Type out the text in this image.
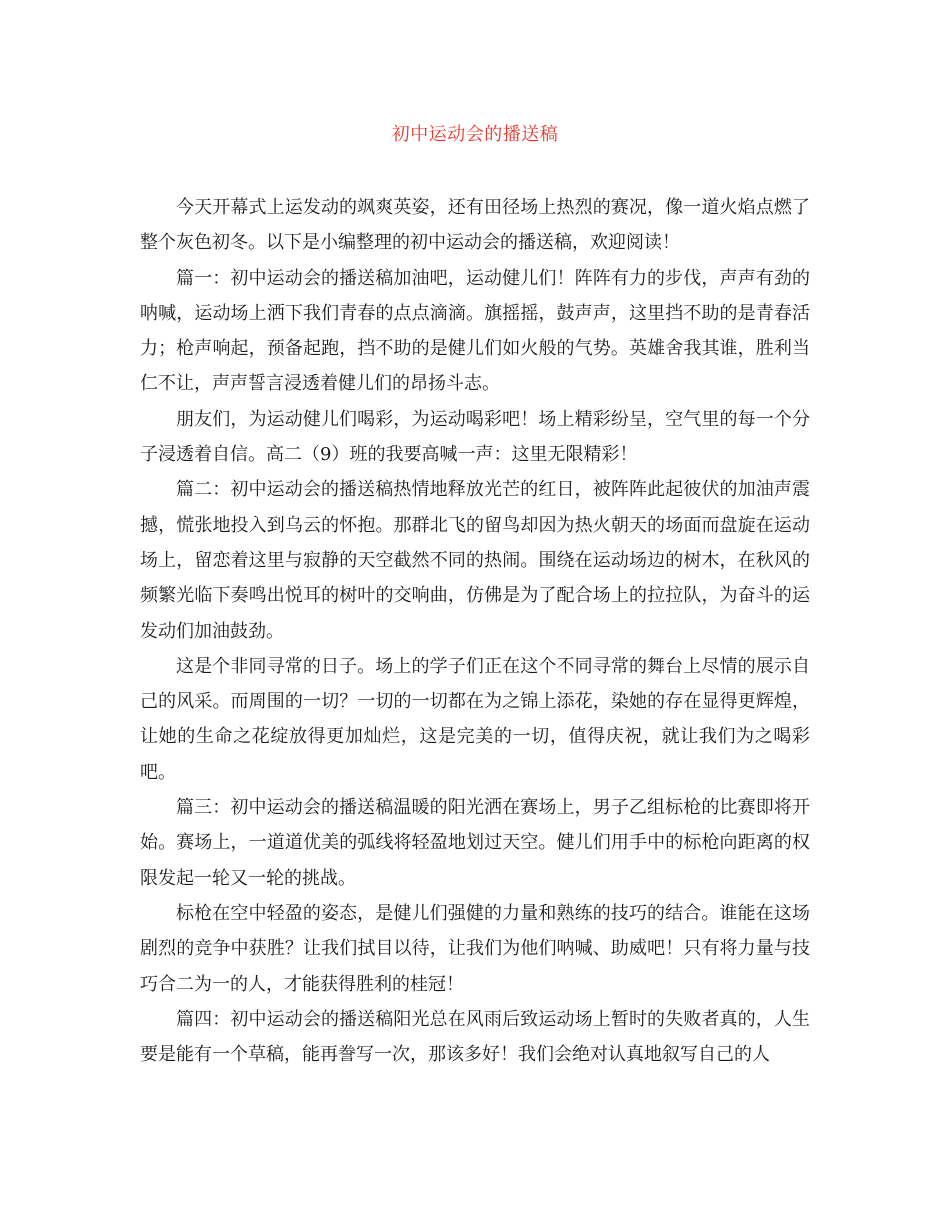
初中运动会的播送稿

今天开幕式上运发动的飒爽英姿，还有田径场上热烈的赛况，像一道火焰点燃了整个灰色初冬。以下是小编整理的初中运动会的播送稿，欢迎阅读！

篇一：初中运动会的播送稿加油吧，运动健儿们！阵阵有力的步伐，声声有劲的呐喊，运动场上洒下我们青春的点点滴滴。旗摇摇，鼓声声，这里挡不助的是青春活力；枪声响起，预备起跑，挡不助的是健儿们如火般的气势。英雄舍我其谁，胜利当仁不让，声声誓言浸透着健儿们的昂扬斗志。

朋友们，为运动健儿们喝彩，为运动喝彩吧！场上精彩纷呈，空气里的每一个分子浸透着自信。高二（9）班的我要高喊一声：这里无限精彩！

篇二：初中运动会的播送稿热情地释放光芒的红日，被阵阵此起彼伏的加油声震撼，慌张地投入到乌云的怀抱。那群北飞的留鸟却因为热火朝天的场面而盘旋在运动场上，留恋着这里与寂静的天空截然不同的热闹。围绕在运动场边的树木，在秋风的频繁光临下奏鸣出悦耳的树叶的交响曲，仿佛是为了配合场上的拉拉队，为奋斗的运发动们加油鼓劲。

这是个非同寻常的日子。场上的学子们正在这个不同寻常的舞台上尽情的展示自己的风采。而周围的一切？一切的一切都在为之锦上添花，染她的存在显得更辉煌，让她的生命之花绽放得更加灿烂，这是完美的一切，值得庆祝，就让我们为之喝彩吧。

篇三：初中运动会的播送稿温暖的阳光洒在赛场上，男子乙组标枪的比赛即将开始。赛场上，一道道优美的弧线将轻盈地划过天空。健儿们用手中的标枪向距离的权限发起一轮又一轮的挑战。

标枪在空中轻盈的姿态，是健儿们强健的力量和熟练的技巧的结合。谁能在这场剧烈的竞争中获胜？让我们拭目以待，让我们为他们呐喊、助威吧！只有将力量与技巧合二为一的人，才能获得胜利的桂冠！

篇四：初中运动会的播送稿阳光总在风雨后致运动场上暂时的失败者真的，人生要是能有一个草稿，能再誊写一次，那该多好！我们会绝对认真地叙写自己的人
